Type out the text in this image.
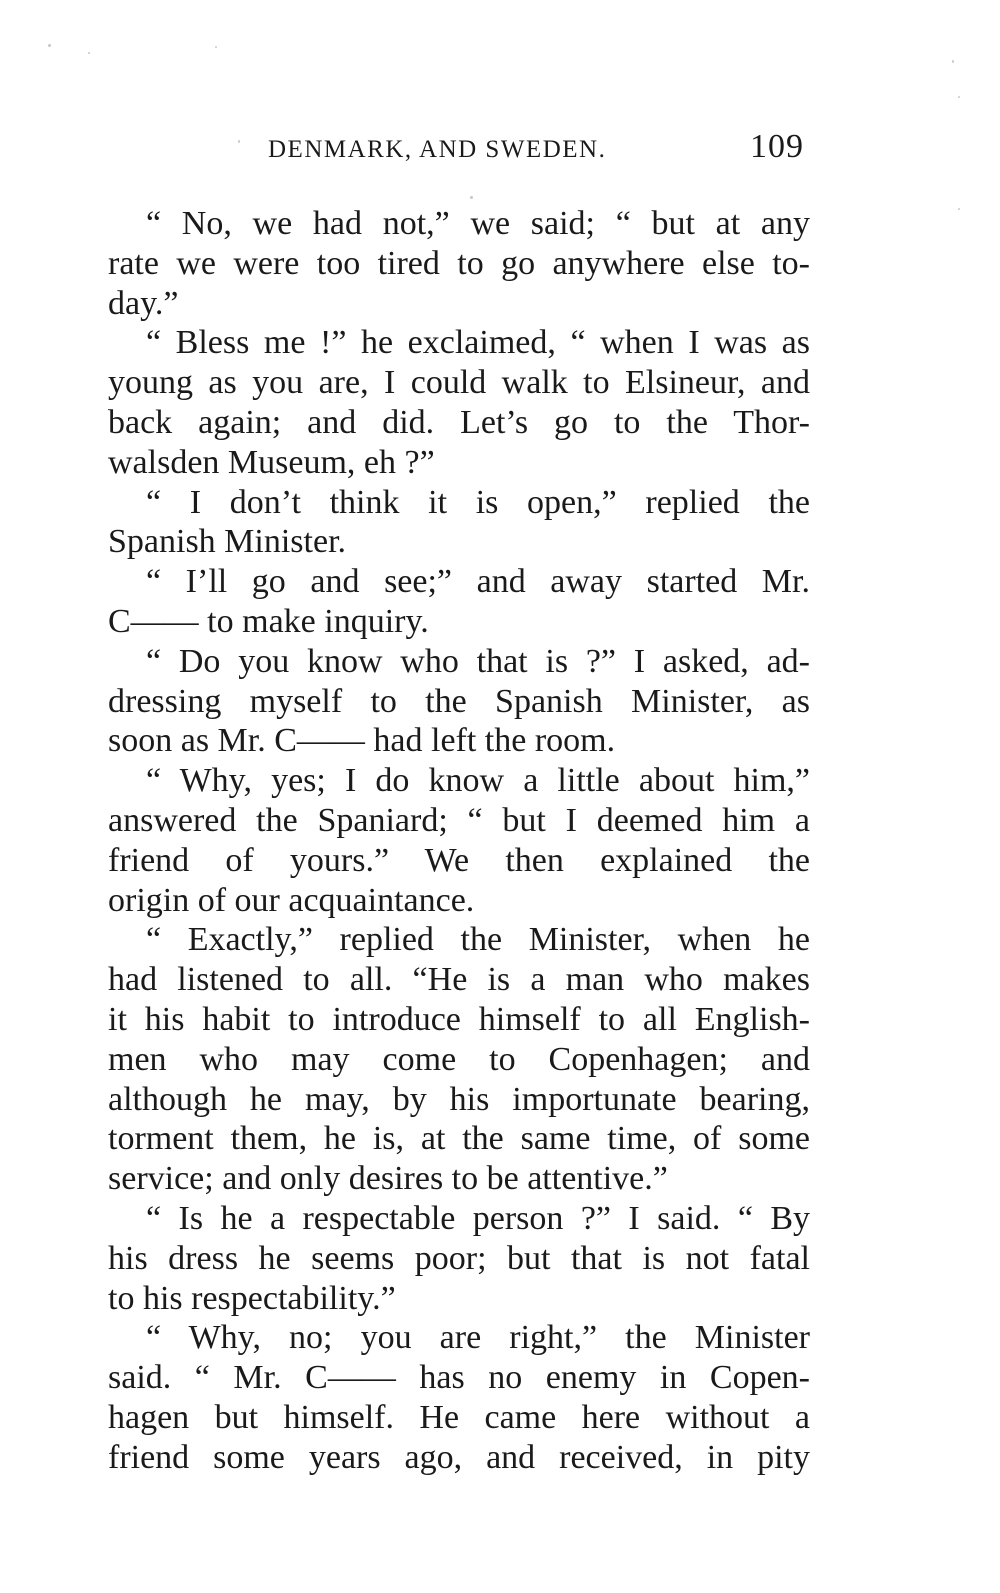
DENMARK, AND SWEDEN.	109
“ No, we had not,” we said; “ but at any
rate we were too tired to go anywhere else to-
day.”
“ Bless me !” he exclaimed, “ when I was as
young as you are, I could walk to Elsineur, and
back again; and did. Let’s go to the Thor-
walsden Museum, eh ?”
“ I don’t think it is open,” replied the
Spanish Minister.
“ I’ll go and see;” and away started Mr.
C—— to make inquiry.
“ Do you know who that is ?” I asked, ad-
dressing myself to the Spanish Minister, as
soon as Mr. C—— had left the room.
“ Why, yes; I do know a little about him,”
answered the Spaniard; “ but I deemed him a
friend of yours.” We then explained the
origin of our acquaintance.
“ Exactly,” replied the Minister, when he
had listened to all. “He is a man who makes
it his habit to introduce himself to all English-
men who may come to Copenhagen; and
although he may, by his importunate bearing,
torment them, he is, at the same time, of some
service; and only desires to be attentive.”
“ Is he a respectable person ?” I said. “ By
his dress he seems poor; but that is not fatal
to his respectability.”
“ Why, no; you are right,” the Minister
said. “ Mr. C—— has no enemy in Copen-
hagen but himself. He came here without a
friend some years ago, and received, in pity
